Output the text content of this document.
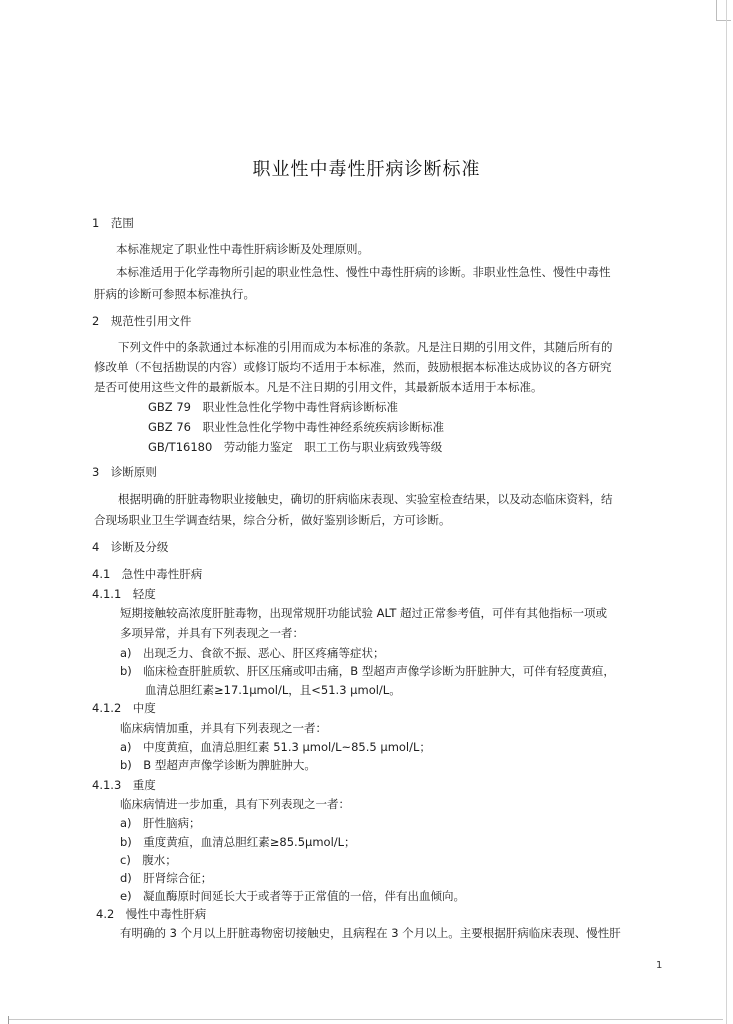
职业性中毒性肝病诊断标准
1　范围
本标准规定了职业性中毒性肝病诊断及处理原则。
本标准适用于化学毒物所引起的职业性急性、慢性中毒性肝病的诊断。非职业性急性、慢性中毒性
肝病的诊断可参照本标准执行。
2　规范性引用文件
下列文件中的条款通过本标准的引用而成为本标准的条款。凡是注日期的引用文件，其随后所有的
修改单（不包括勘误的内容）或修订版均不适用于本标准，然而，鼓励根据本标准达成协议的各方研究
是否可使用这些文件的最新版本。凡是不注日期的引用文件，其最新版本适用于本标准。
GBZ 79　职业性急性化学物中毒性肾病诊断标准
GBZ 76　职业性急性化学物中毒性神经系统疾病诊断标准
GB/T16180　劳动能力鉴定　职工工伤与职业病致残等级
3　诊断原则
根据明确的肝脏毒物职业接触史，确切的肝病临床表现、实验室检查结果，以及动态临床资料，结
合现场职业卫生学调查结果，综合分析，做好鉴别诊断后，方可诊断。
4　诊断及分级
4.1　急性中毒性肝病
4.1.1　轻度
短期接触较高浓度肝脏毒物，出现常规肝功能试验 ALT 超过正常参考值，可伴有其他指标一项或
多项异常，并具有下列表现之一者：
a)　出现乏力、食欲不振、恶心、肝区疼痛等症状；
b)　临床检查肝脏质软、肝区压痛或叩击痛，B 型超声声像学诊断为肝脏肿大，可伴有轻度黄疸，
血清总胆红素≥17.1μmol/L，且<51.3 μmol/L。
4.1.2　中度
临床病情加重，并具有下列表现之一者：
a)　中度黄疸，血清总胆红素 51.3 μmol/L~85.5 μmol/L；
b)　B 型超声声像学诊断为脾脏肿大。
4.1.3　重度
临床病情进一步加重，具有下列表现之一者：
a)　肝性脑病；
b)　重度黄疸，血清总胆红素≥85.5μmol/L；
c)　腹水；
d)　肝肾综合征；
e)　凝血酶原时间延长大于或者等于正常值的一倍，伴有出血倾向。
4.2　慢性中毒性肝病
有明确的 3 个月以上肝脏毒物密切接触史，且病程在 3 个月以上。主要根据肝病临床表现、慢性肝
1
